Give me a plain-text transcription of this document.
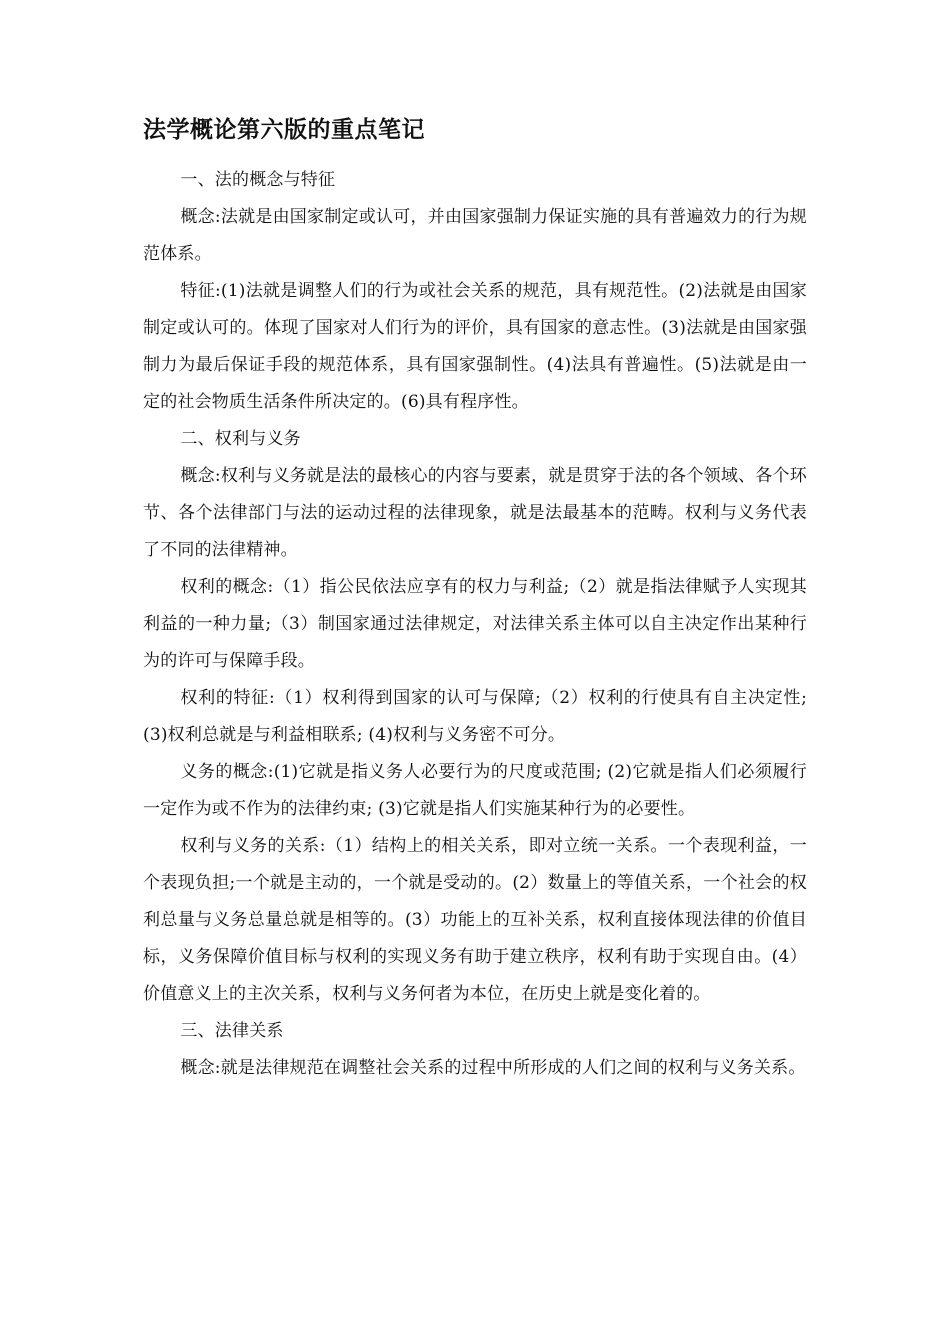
法学概论第六版的重点笔记

一、法的概念与特征

概念:法就是由国家制定或认可，并由国家强制力保证实施的具有普遍效力的行为规范体系。

特征:(1)法就是调整人们的行为或社会关系的规范，具有规范性。(2)法就是由国家制定或认可的。体现了国家对人们行为的评价，具有国家的意志性。(3)法就是由国家强制力为最后保证手段的规范体系，具有国家强制性。(4)法具有普遍性。(5)法就是由一定的社会物质生活条件所决定的。(6)具有程序性。

二、权利与义务

概念:权利与义务就是法的最核心的内容与要素，就是贯穿于法的各个领域、各个环节、各个法律部门与法的运动过程的法律现象，就是法最基本的范畴。权利与义务代表了不同的法律精神。

权利的概念:（1）指公民依法应享有的权力与利益;（2）就是指法律赋予人实现其利益的一种力量;（3）制国家通过法律规定，对法律关系主体可以自主决定作出某种行为的许可与保障手段。

权利的特征:（1）权利得到国家的认可与保障;（2）权利的行使具有自主决定性; (3)权利总就是与利益相联系; (4)权利与义务密不可分。

义务的概念:(1)它就是指义务人必要行为的尺度或范围; (2)它就是指人们必须履行一定作为或不作为的法律约束; (3)它就是指人们实施某种行为的必要性。

权利与义务的关系:（1）结构上的相关关系，即对立统一关系。一个表现利益，一个表现负担;一个就是主动的，一个就是受动的。(2）数量上的等值关系，一个社会的权利总量与义务总量总就是相等的。(3）功能上的互补关系，权利直接体现法律的价值目标，义务保障价值目标与权利的实现义务有助于建立秩序，权利有助于实现自由。(4）价值意义上的主次关系，权利与义务何者为本位，在历史上就是变化着的。

三、法律关系

概念:就是法律规范在调整社会关系的过程中所形成的人们之间的权利与义务关系。
